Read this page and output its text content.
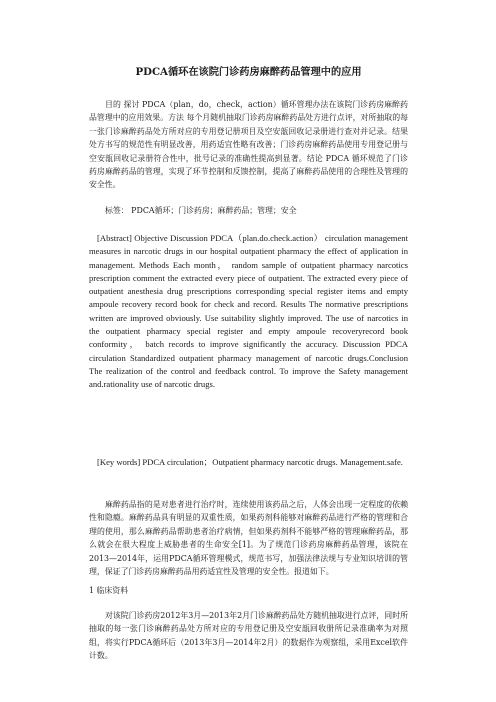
PDCA循环在该院门诊药房麻醉药品管理中的应用

目的 探讨 PDCA（plan，do，check，action）循环管理办法在该院门诊药房麻醉药品管理中的应用效果。方法 每个月随机抽取门诊药房麻醉药品处方进行点评，对所抽取的每一张门诊麻醉药品处方所对应的专用登记册项目及空安瓿回收记录册进行查对并记录。结果 处方书写的规范性有明显改善，用药适宜性略有改善；门诊药房麻醉药品使用专用登记册与空安瓿回收记录册符合性中，批号记录的准确性提高到显著。结论 PDCA 循环规范了门诊药房麻醉药品的管理，实现了环节控制和反馈控制，提高了麻醉药品使用的合理性及管理的安全性。

标签： PDCA循环；门诊药房；麻醉药品；管理；安全

[Abstract] Objective Discussion PDCA（plan.do.check.action） circulation management measures in narcotic drugs in our hospital outpatient pharmacy the effect of application in management. Methods Each month， random sample of outpatient pharmacy narcotics prescription comment the extracted every piece of outpatient. The extracted every piece of outpatient anesthesia drug prescriptions corresponding special register items and empty ampoule recovery record book for check and record. Results The normative prescriptions written are improved obviously. Use suitability slightly improved. The use of narcotics in the outpatient pharmacy special register and empty ampoule recoveryrecord book conformity， batch records to improve significantly the accuracy. Discussion PDCA circulation Standardized outpatient pharmacy management of narcotic drugs.Conclusion The realization of the control and feedback control. To improve the Safety management and.rationality use of narcotic drugs.

[Key words] PDCA circulation；Outpatient pharmacy narcotic drugs. Management.safe.

麻醉药品指的是对患者进行治疗时，连续使用该药品之后，人体会出现一定程度的依赖性和隐瘾。麻醉药品具有明显的双重性质，如果药剂科能够对麻醉药品进行严格的管理和合理的使用，那么麻醉药品帮助患者治疗病情，但如果药剂科不能够严格的管理麻醉药品，那么就会在很大程度上威胁患者的生命安全[1]。为了规范门诊药房麻醉药品管理，该院在2013—2014年，运用PDCA循环管理模式，规范书写，加强法律法规与专业知识培训的管理，保证了门诊药房麻醉药品用药适宜性及管理的安全性。报道如下。

1 临床资料

对该院门诊药房2012年3月—2013年2月门诊麻醉药品处方随机抽取进行点评，同时所抽取的每一张门诊麻醉药品处方所对应的专用登记册及空安瓿回收册所记录准确率为对照组，将实行PDCA循环后（2013年3月—2014年2月）的数据作为观察组，采用Excel软件计数。
